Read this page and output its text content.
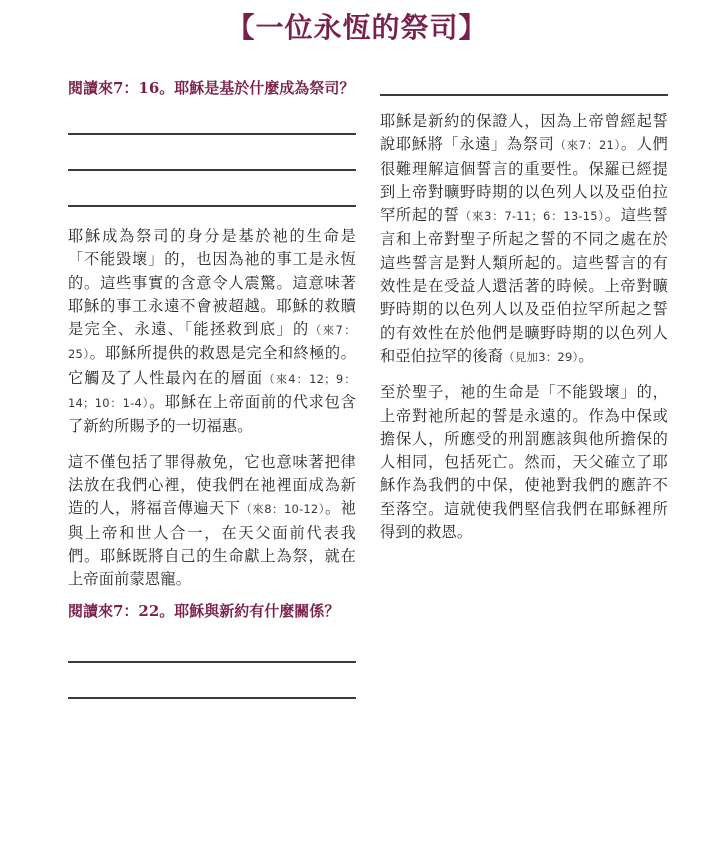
【一位永恆的祭司】

閱讀來7：16。耶穌是基於什麼成為祭司？

耶穌成為祭司的身分是基於祂的生命是「不能毀壞」的，也因為祂的事工是永恆的。這些事實的含意令人震驚。這意味著耶穌的事工永遠不會被超越。耶穌的救贖是完全、永遠、「能拯救到底」的（來7：25）。耶穌所提供的救恩是完全和終極的。它觸及了人性最內在的層面（來4：12；9：14；10：1-4）。耶穌在上帝面前的代求包含了新約所賜予的一切福惠。

這不僅包括了罪得赦免，它也意味著把律法放在我們心裡，使我們在祂裡面成為新造的人，將福音傳遍天下（來8：10-12）。祂與上帝和世人合一，在天父面前代表我們。耶穌既將自己的生命獻上為祭，就在上帝面前蒙恩寵。

閱讀來7：22。耶穌與新約有什麼關係？

耶穌是新約的保證人，因為上帝曾經起誓說耶穌將「永遠」為祭司（來7：21）。人們很難理解這個誓言的重要性。保羅已經提到上帝對曠野時期的以色列人以及亞伯拉罕所起的誓（來3：7-11；6：13-15）。這些誓言和上帝對聖子所起之誓的不同之處在於這些誓言是對人類所起的。這些誓言的有效性是在受益人還活著的時候。上帝對曠野時期的以色列人以及亞伯拉罕所起之誓的有效性在於他們是曠野時期的以色列人和亞伯拉罕的後裔（見加3：29）。

至於聖子，祂的生命是「不能毀壞」的，上帝對祂所起的誓是永遠的。作為中保或擔保人，所應受的刑罰應該與他所擔保的人相同，包括死亡。然而，天父確立了耶穌作為我們的中保，使祂對我們的應許不至落空。這就使我們堅信我們在耶穌裡所得到的救恩。
